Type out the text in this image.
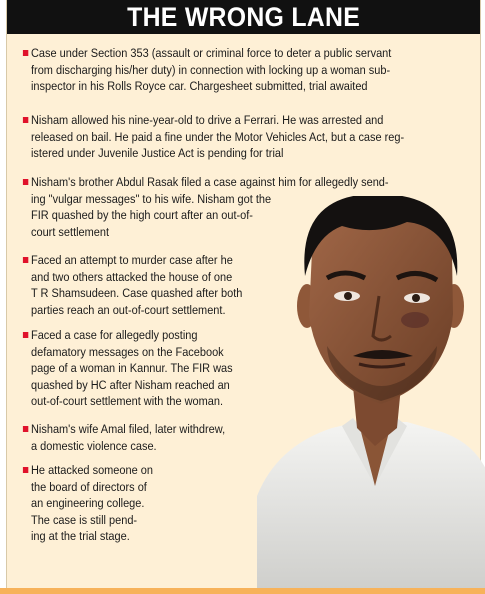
THE WRONG LANE
Case under Section 353 (assault or criminal force to deter a public servant
from discharging his/her duty) in connection with locking up a woman sub-
inspector in his Rolls Royce car. Chargesheet submitted, trial awaited
Nisham allowed his nine-year-old to drive a Ferrari. He was arrested and
released on bail. He paid a fine under the Motor Vehicles Act, but a case reg-
istered under Juvenile Justice Act is pending for trial
Nisham's brother Abdul Rasak filed a case against him for allegedly send-
ing "vulgar messages" to his wife. Nisham got the
FIR quashed by the high court after an out-of-
court settlement
Faced an attempt to murder case after he
and two others attacked the house of one
T R Shamsudeen. Case quashed after both
parties reach an out-of-court settlement.
Faced a case for allegedly posting
defamatory messages on the Facebook
page of a woman in Kannur. The FIR was
quashed by HC after Nisham reached an
out-of-court settlement with the woman.
Nisham's wife Amal filed, later withdrew,
a domestic violence case.
He attacked someone on
the board of directors of
an engineering college.
The case is still pend-
ing at the trial stage.
